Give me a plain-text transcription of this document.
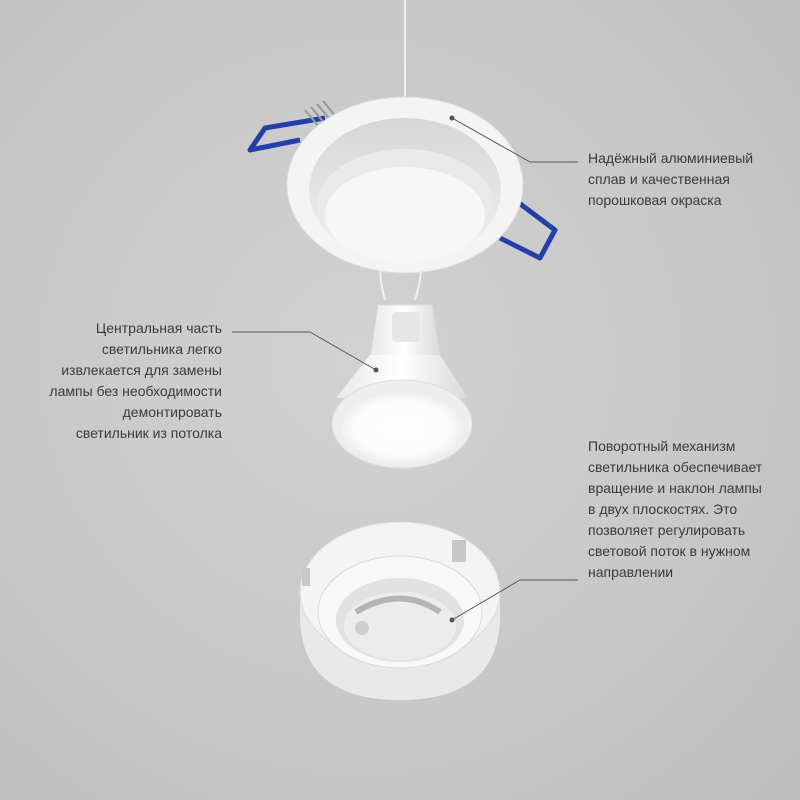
Надёжный алюминиевый
сплав и качественная
порошковая окраска

Центральная часть
светильника легко
извлекается для замены
лампы без необходимости
демонтировать
светильник из потолка

Поворотный механизм
светильника обеспечивает
вращение и наклон лампы
в двух плоскостях. Это
позволяет регулировать
световой поток в нужном
направлении
